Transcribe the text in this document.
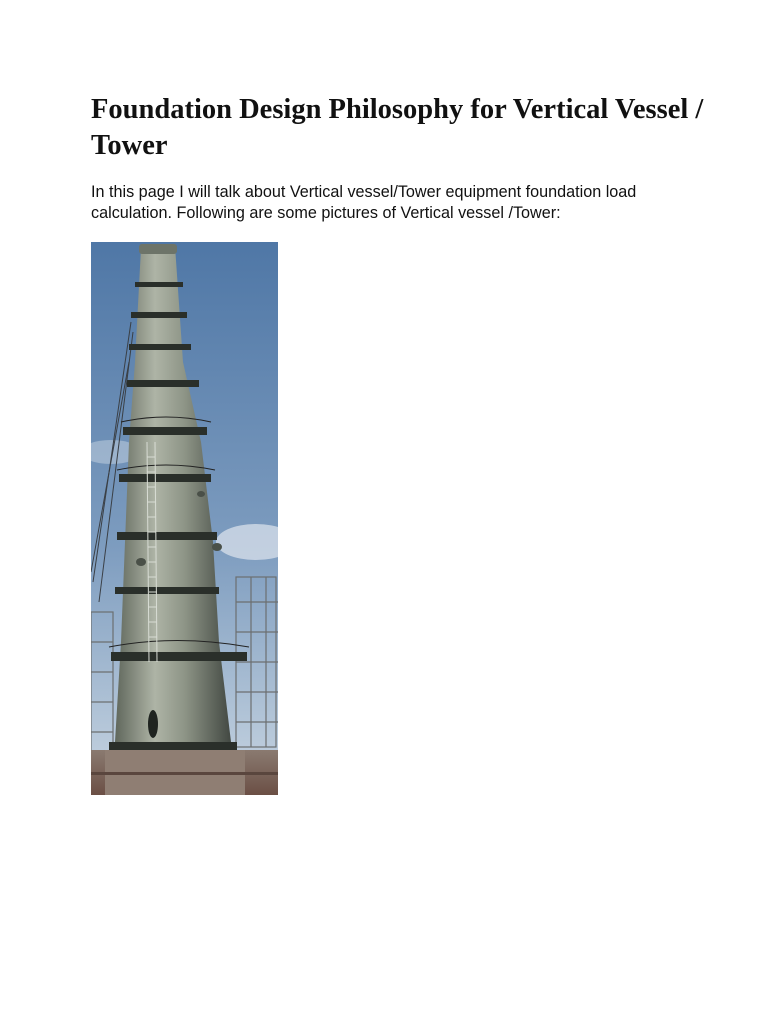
Foundation Design Philosophy for Vertical Vessel / Tower

In this page I will talk about Vertical vessel/Tower equipment foundation load calculation. Following are some pictures of Vertical vessel /Tower:
